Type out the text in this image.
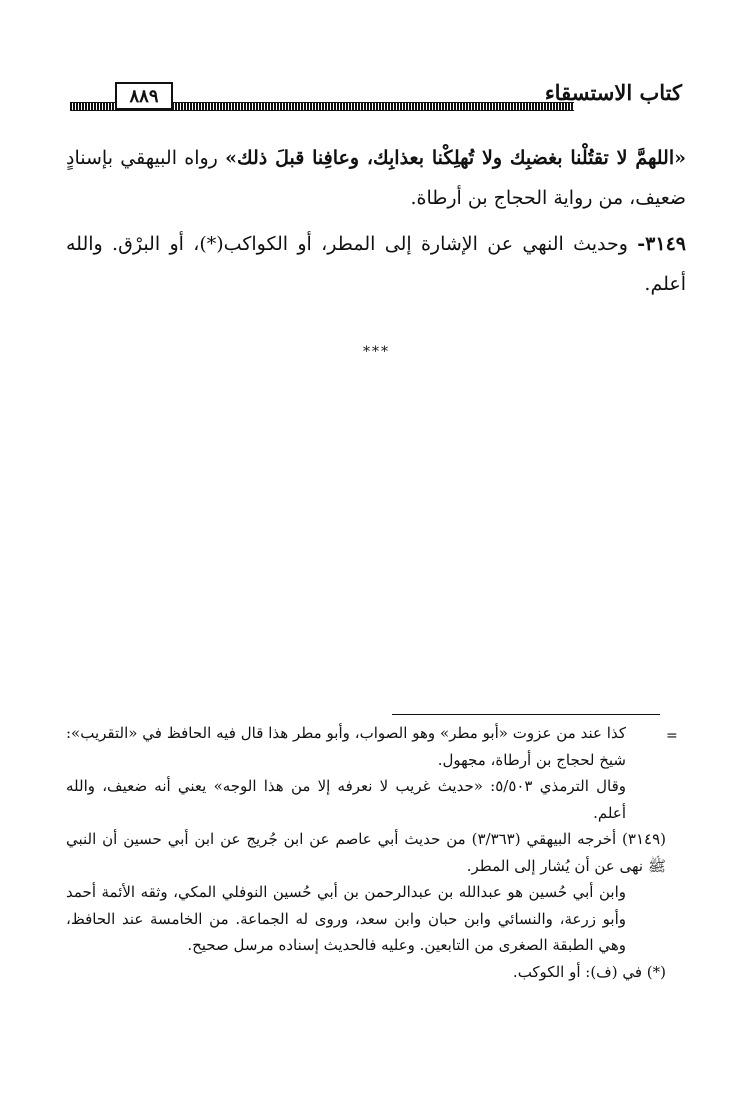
٨٨٩	كتاب الاستسقاء

«اللهمَّ لا تقتُلْنا بغضبِك ولا تُهلِكْنا بعذابِك، وعافِنا قبلَ ذلك» رواه البيهقي بإسنادٍ ضعيف، من رواية الحجاج بن أرطاة.

٣١٤٩- وحديث النهي عن الإشارة إلى المطر، أو الكواكب(*)، أو البرْق. والله أعلم.

***
=

كذا عند من عزوت «أبو مطر» وهو الصواب، وأبو مطر هذا قال فيه الحافظ في «التقريب»: شيخ لحجاج بن أرطاة، مجهول.

وقال الترمذي ٥/٥٠٣: «حديث غريب لا نعرفه إلا من هذا الوجه» يعني أنه ضعيف، والله أعلم.

(٣١٤٩) أخرجه البيهقي (٣/٣٦٣) من حديث أبي عاصم عن ابن جُريج عن ابن أبي حسين أن النبي ﷺ نهى عن أن يُشار إلى المطر.

وابن أبي حُسين هو عبدالله بن عبدالرحمن بن أبي حُسين النوفلي المكي، وثقه الأئمة أحمد وأبو زرعة، والنسائي وابن حبان وابن سعد، وروى له الجماعة. من الخامسة عند الحافظ، وهي الطبقة الصغرى من التابعين. وعليه فالحديث إسناده مرسل صحيح.

(*) في (ف): أو الكوكب.
